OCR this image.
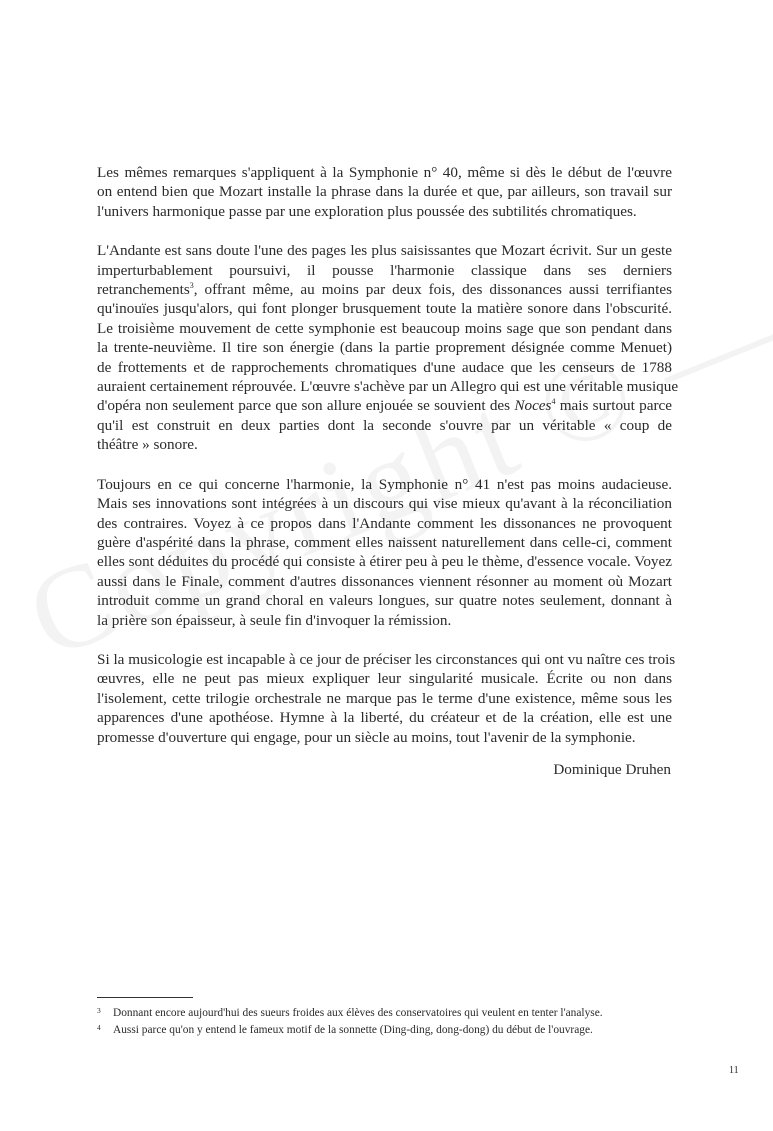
Les mêmes remarques s'appliquent à la Symphonie n° 40, même si dès le début de l'œuvre
on entend bien que Mozart installe la phrase dans la durée et que, par ailleurs, son travail sur
l'univers harmonique passe par une exploration plus poussée des subtilités chromatiques.

L'Andante est sans doute l'une des pages les plus saisissantes que Mozart écrivit. Sur un geste
imperturbablement poursuivi, il pousse l'harmonie classique dans ses derniers
retranchements$^3$, offrant même, au moins par deux fois, des dissonances aussi terrifiantes
qu'inouïes jusqu'alors, qui font plonger brusquement toute la matière sonore dans l'obscurité.
Le troisième mouvement de cette symphonie est beaucoup moins sage que son pendant dans
la trente-neuvième. Il tire son énergie (dans la partie proprement désignée comme Menuet)
de frottements et de rapprochements chromatiques d'une audace que les censeurs de 1788
auraient certainement réprouvée. L'œuvre s'achève par un Allegro qui est une véritable musique
d'opéra non seulement parce que son allure enjouée se souvient des Noces$^4$ mais surtout parce
qu'il est construit en deux parties dont la seconde s'ouvre par un véritable « coup de
théâtre » sonore.

Toujours en ce qui concerne l'harmonie, la Symphonie n° 41 n'est pas moins audacieuse.
Mais ses innovations sont intégrées à un discours qui vise mieux qu'avant à la réconciliation
des contraires. Voyez à ce propos dans l'Andante comment les dissonances ne provoquent
guère d'aspérité dans la phrase, comment elles naissent naturellement dans celle-ci, comment
elles sont déduites du procédé qui consiste à étirer peu à peu le thème, d'essence vocale. Voyez
aussi dans le Finale, comment d'autres dissonances viennent résonner au moment où Mozart
introduit comme un grand choral en valeurs longues, sur quatre notes seulement, donnant à
la prière son épaisseur, à seule fin d'invoquer la rémission.

Si la musicologie est incapable à ce jour de préciser les circonstances qui ont vu naître ces trois
œuvres, elle ne peut pas mieux expliquer leur singularité musicale. Écrite ou non dans
l'isolement, cette trilogie orchestrale ne marque pas le terme d'une existence, même sous les
apparences d'une apothéose. Hymne à la liberté, du créateur et de la création, elle est une
promesse d'ouverture qui engage, pour un siècle au moins, tout l'avenir de la symphonie.

Dominique Druhen
3	Donnant encore aujourd'hui des sueurs froides aux élèves des conservatoires qui veulent en tenter l'analyse.
4	Aussi parce qu'on y entend le fameux motif de la sonnette (Ding-ding, dong-dong) du début de l'ouvrage.
11
